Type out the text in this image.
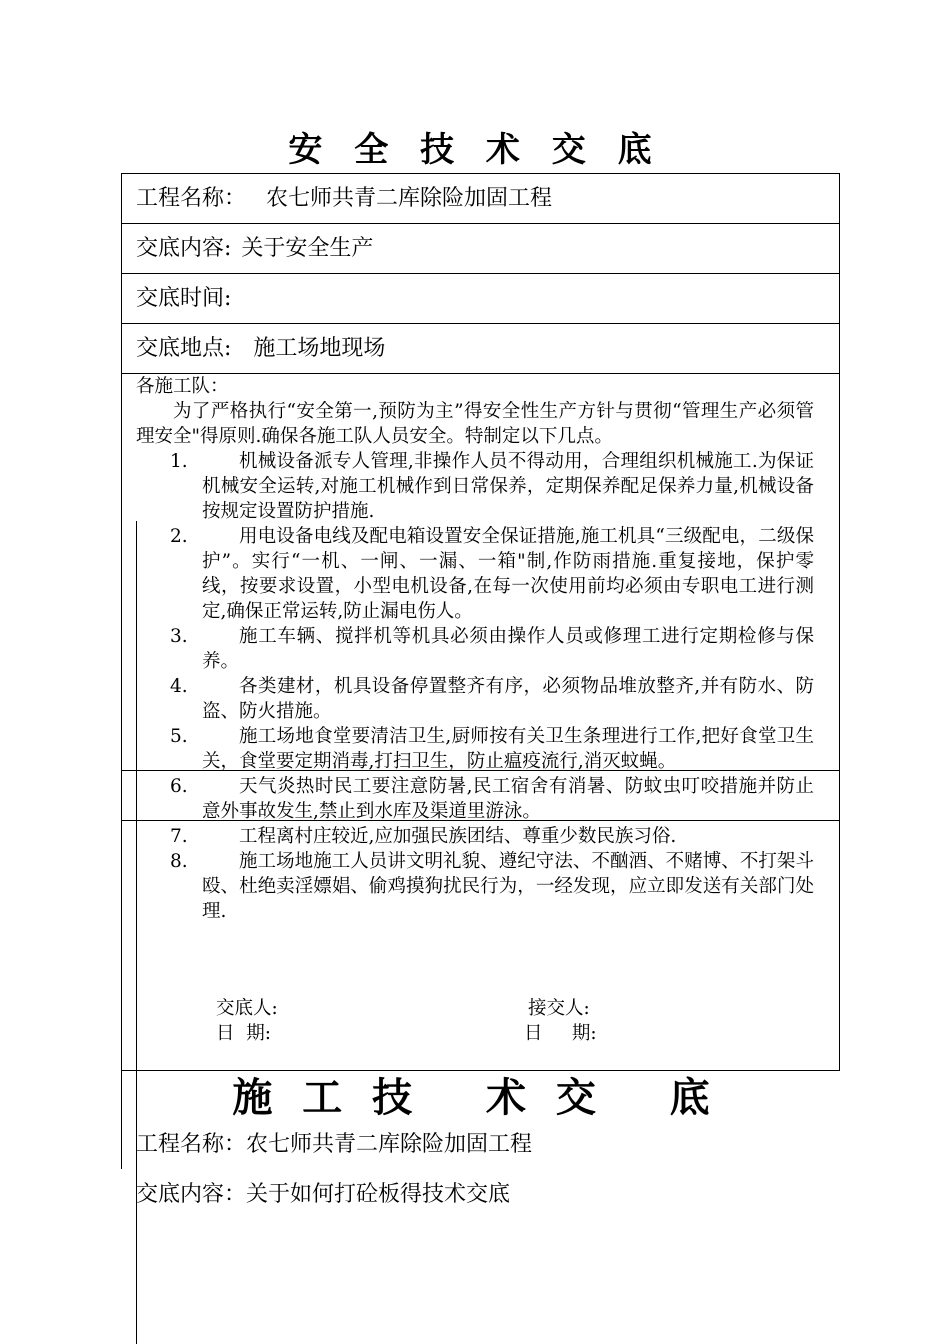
安 全 技 术 交 底
工程名称： 农七师共青二库除险加固工程
交底内容: 关于安全生产
交底时间:
交底地点: 施工场地现场
各施工队：

为了严格执行“安全第一,预防为主”得安全性生产方针与贯彻“管理生产必须管理安全"得原则.确保各施工队人员安全。特制定以下几点。

1.	机械设备派专人管理,非操作人员不得动用，合理组织机械施工.为保证机械安全运转,对施工机械作到日常保养，定期保养配足保养力量,机械设备按规定设置防护措施.
2.	用电设备电线及配电箱设置安全保证措施,施工机具“三级配电，二级保护”。实行“一机、一闸、一漏、一箱"制,作防雨措施.重复接地，保护零线，按要求设置，小型电机设备,在每一次使用前均必须由专职电工进行测定,确保正常运转,防止漏电伤人。
3.	施工车辆、搅拌机等机具必须由操作人员或修理工进行定期检修与保养。
4.	各类建材，机具设备停置整齐有序，必须物品堆放整齐,并有防水、防盗、防火措施。
5.	施工场地食堂要清洁卫生,厨师按有关卫生条理进行工作,把好食堂卫生关，食堂要定期消毒,打扫卫生，防止瘟疫流行,消灭蚊蝇。
6.	天气炎热时民工要注意防暑,民工宿舍有消暑、防蚊虫叮咬措施并防止意外事故发生,禁止到水库及渠道里游泳。
7.	工程离村庄较近,应加强民族团结、尊重少数民族习俗.
8.	施工场地施工人员讲文明礼貌、遵纪守法、不酗酒、不赌博、不打架斗殴、杜绝卖淫嫖娼、偷鸡摸狗扰民行为，一经发现，应立即发送有关部门处理.
交底人:	接交人:
日  期:	日     期:
施 工 技   术 交   底
工程名称：农七师共青二库除险加固工程
交底内容：关于如何打砼板得技术交底
